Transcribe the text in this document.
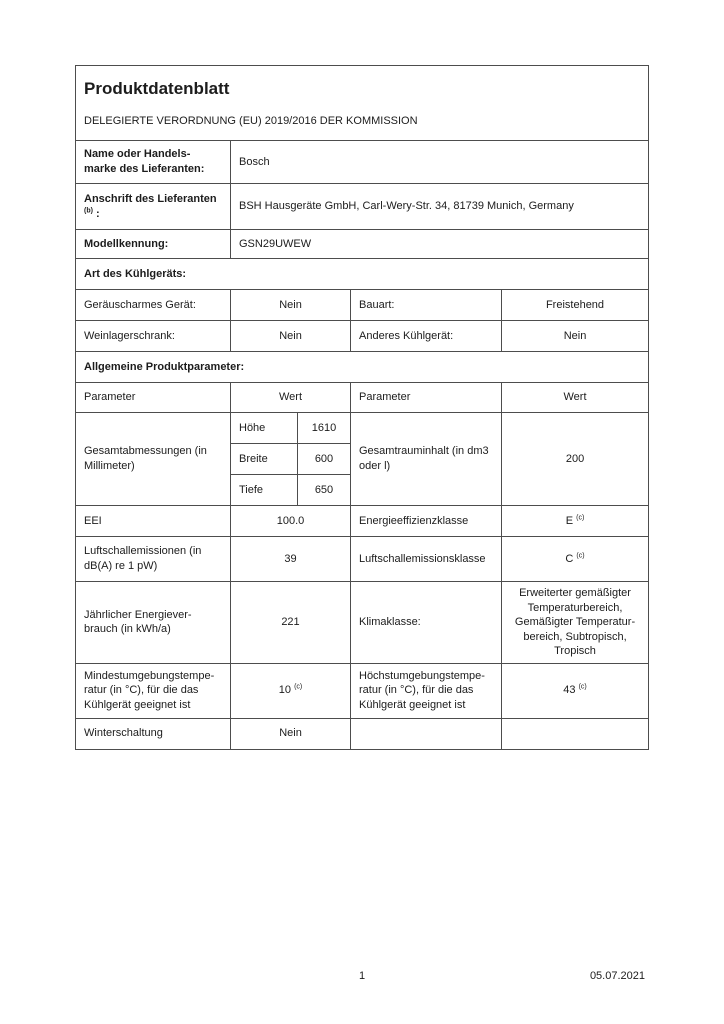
Produktdatenblatt
DELEGIERTE VERORDNUNG (EU) 2019/2016 DER KOMMISSION				

Name oder Handels-marke des Lieferanten:	Bosch			
Anschrift des Lieferanten $^{(b)}$ :	BSH Hausgeräte GmbH, Carl-Wery-Str. 34, 81739 Munich, Germany			
Modellkennung:	GSN29UWEW			
Art des Kühlgeräts:				
Geräuscharmes Gerät:	Nein		Bauart:	Freistehend
Weinlagerschrank:	Nein		Anderes Kühlgerät:	Nein
Allgemeine Produktparameter:				
Parameter	Wert		Parameter	Wert
Gesamtabmessungen (in Millimeter)	Höhe	1610	Gesamtrauminhalt (in dm3 oder l)	200
	Breite	600		
	Tiefe	650		
EEI	100.0		Energieeffizienzklasse	E $^{(c)}$
Luftschallemissionen (in dB(A) re 1 pW)	39		Luftschallemissionsklasse	C $^{(c)}$
Jährlicher Energiever-brauch (in kWh/a)	221		Klimaklasse:	Erweiterter gemäßigter Temperaturbereich, Gemäßigter Temperatur-bereich, Subtropisch, Tropisch
Mindestumgebungstempe-ratur (in °C), für die das Kühlgerät geeignet ist	10 $^{(c)}$		Höchstumgebungstempe-ratur (in °C), für die das Kühlgerät geeignet ist	43 $^{(c)}$
Winterschaltung	Nein			
1	05.07.2021
